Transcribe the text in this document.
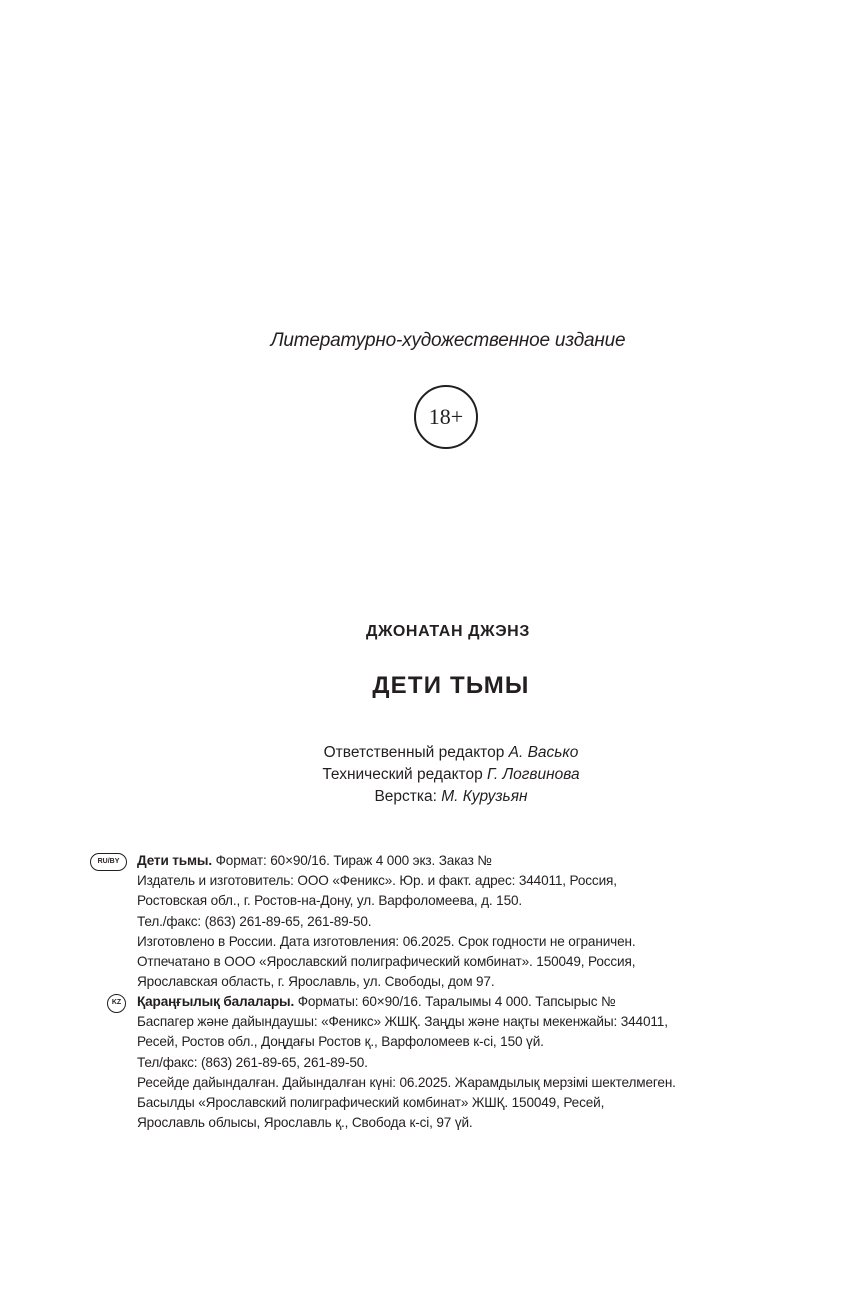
Литературно-художественное издание
18+
ДЖОНАТАН ДЖЭНЗ
ДЕТИ ТЬМЫ
Ответственный редактор А. Васько
Технический редактор Г. Логвинова
Верстка: М. Курузьян
RU/BY	Дети тьмы. Формат: 60×90/16. Тираж 4 000 экз. Заказ №
Издатель и изготовитель: ООО «Феникс». Юр. и факт. адрес: 344011, Россия,
Ростовская обл., г. Ростов-на-Дону, ул. Варфоломеева, д. 150.
Тел./факс: (863) 261-89-65, 261-89-50.
Изготовлено в России. Дата изготовления: 06.2025. Срок годности не ограничен.
Отпечатано в ООО «Ярославский полиграфический комбинат». 150049, Россия,
Ярославская область, г. Ярославль, ул. Свободы, дом 97.
KZ	Қараңғылық балалары. Форматы: 60×90/16. Таралымы 4 000. Тапсырыс №
Баспагер және дайындаушы: «Феникс» ЖШҚ. Заңды және нақты мекенжайы: 344011,
Ресей, Ростов обл., Доңдағы Ростов қ., Варфоломеев к-сі, 150 үй.
Тел/факс: (863) 261-89-65, 261-89-50.
Ресейде дайындалған. Дайындалған күні: 06.2025. Жарамдылық мерзімі шектелмеген.
Басылды «Ярославский полиграфический комбинат» ЖШҚ. 150049, Ресей,
Ярославль облысы, Ярославль қ., Свобода к-сі, 97 үй.
